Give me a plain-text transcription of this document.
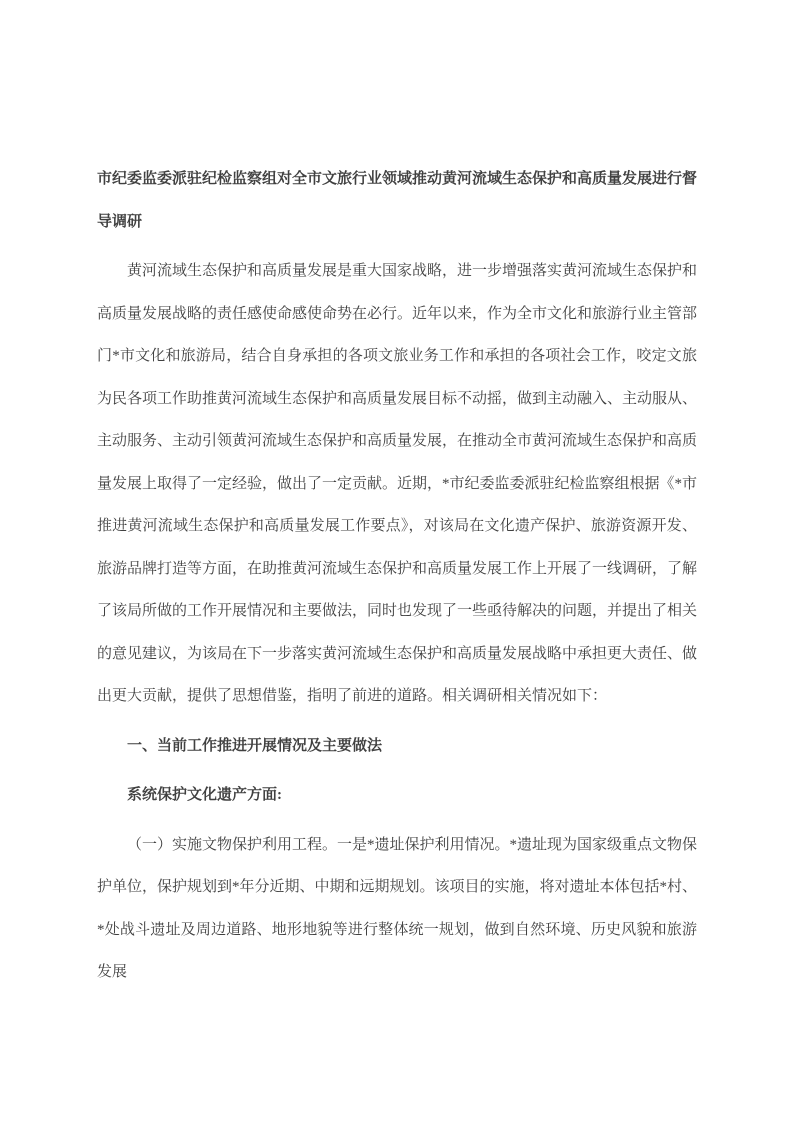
市纪委监委派驻纪检监察组对全市文旅行业领域推动黄河流域生态保护和高质量发展进行督导调研

黄河流域生态保护和高质量发展是重大国家战略，进一步增强落实黄河流域生态保护和高质量发展战略的责任感使命感使命势在必行。近年以来，作为全市文化和旅游行业主管部门*市文化和旅游局，结合自身承担的各项文旅业务工作和承担的各项社会工作，咬定文旅为民各项工作助推黄河流域生态保护和高质量发展目标不动摇，做到主动融入、主动服从、主动服务、主动引领黄河流域生态保护和高质量发展，在推动全市黄河流域生态保护和高质量发展上取得了一定经验，做出了一定贡献。近期，*市纪委监委派驻纪检监察组根据《*市推进黄河流域生态保护和高质量发展工作要点》，对该局在文化遗产保护、旅游资源开发、旅游品牌打造等方面，在助推黄河流域生态保护和高质量发展工作上开展了一线调研，了解了该局所做的工作开展情况和主要做法，同时也发现了一些亟待解决的问题，并提出了相关的意见建议，为该局在下一步落实黄河流域生态保护和高质量发展战略中承担更大责任、做出更大贡献，提供了思想借鉴，指明了前进的道路。相关调研相关情况如下：

一、当前工作推进开展情况及主要做法

系统保护文化遗产方面:

（一）实施文物保护利用工程。一是*遗址保护利用情况。*遗址现为国家级重点文物保护单位，保护规划到*年分近期、中期和远期规划。该项目的实施，将对遗址本体包括*村、*处战斗遗址及周边道路、地形地貌等进行整体统一规划，做到自然环境、历史风貌和旅游发展
